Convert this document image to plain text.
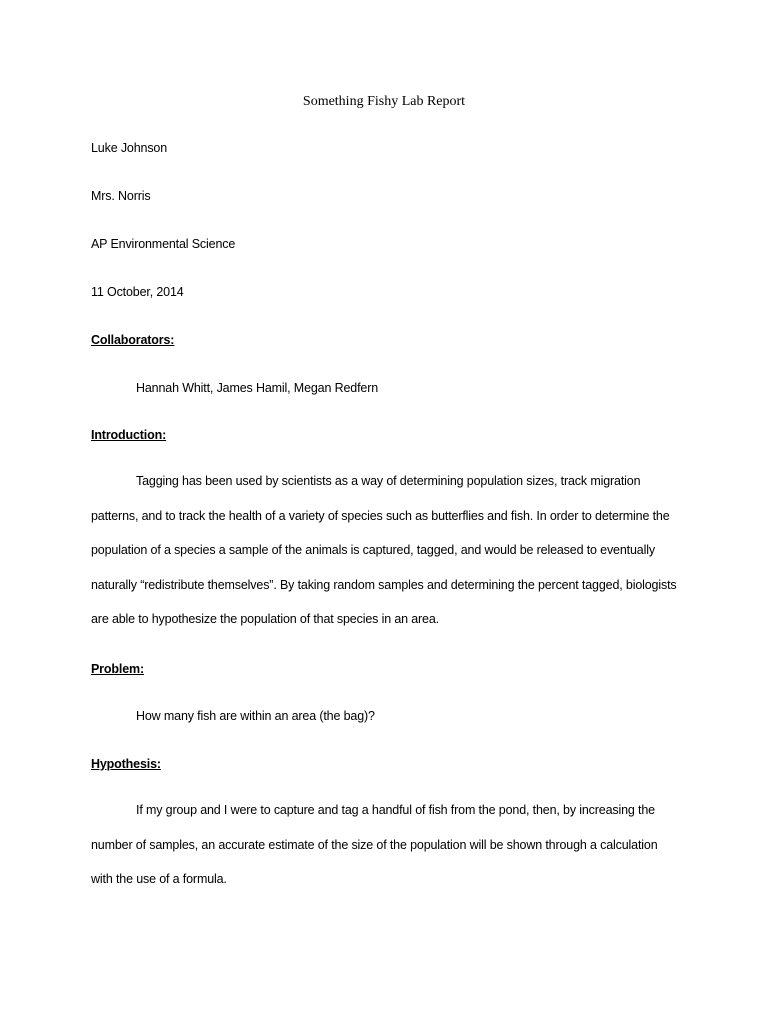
Something Fishy Lab Report
Luke Johnson
Mrs. Norris
AP Environmental Science
11 October, 2014
Collaborators:
Hannah Whitt, James Hamil, Megan Redfern
Introduction:
Tagging has been used by scientists as a way of determining population sizes, track migration patterns, and to track the health of a variety of species such as butterflies and fish. In order to determine the population of a species a sample of the animals is captured, tagged, and would be released to eventually naturally “redistribute themselves”. By taking random samples and determining the percent tagged, biologists are able to hypothesize the population of that species in an area.
Problem:
How many fish are within an area (the bag)?
Hypothesis:
If my group and I were to capture and tag a handful of fish from the pond, then, by increasing the number of samples, an accurate estimate of the size of the population will be shown through a calculation with the use of a formula.
